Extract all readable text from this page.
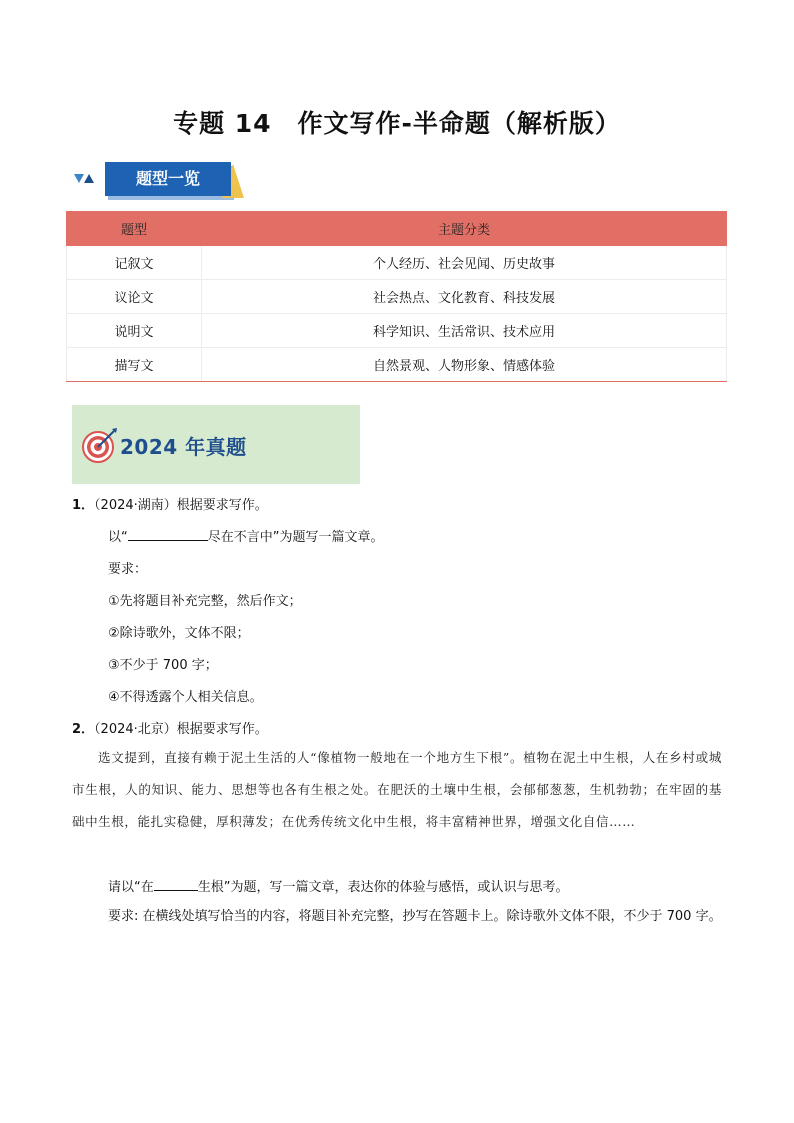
专题 14　作文写作-半命题（解析版）
题型一览
题型	主题分类
记叙文	个人经历、社会见闻、历史故事
议论文	社会热点、文化教育、科技发展
说明文	科学知识、生活常识、技术应用
描写文	自然景观、人物形象、情感体验
2024 年真题
1．（2024·湖南）根据要求写作。
以“	尽在不言中”为题写一篇文章。
要求：
①先将题目补充完整，然后作文；
②除诗歌外，文体不限；
③不少于 700 字；
④不得透露个人相关信息。
2．（2024·北京）根据要求写作。
选文提到，直接有赖于泥土生活的人“像植物一般地在一个地方生下根”。植物在泥土中生根，人在乡村或城市生根，人的知识、能力、思想等也各有生根之处。在肥沃的土壤中生根，会郁郁葱葱，生机勃勃；在牢固的基础中生根，能扎实稳健，厚积薄发；在优秀传统文化中生根，将丰富精神世界，增强文化自信……
请以“在	生根”为题，写一篇文章，表达你的体验与感悟，或认识与思考。
要求: 在横线处填写恰当的内容，将题目补充完整，抄写在答题卡上。除诗歌外文体不限，不少于 700 字。
